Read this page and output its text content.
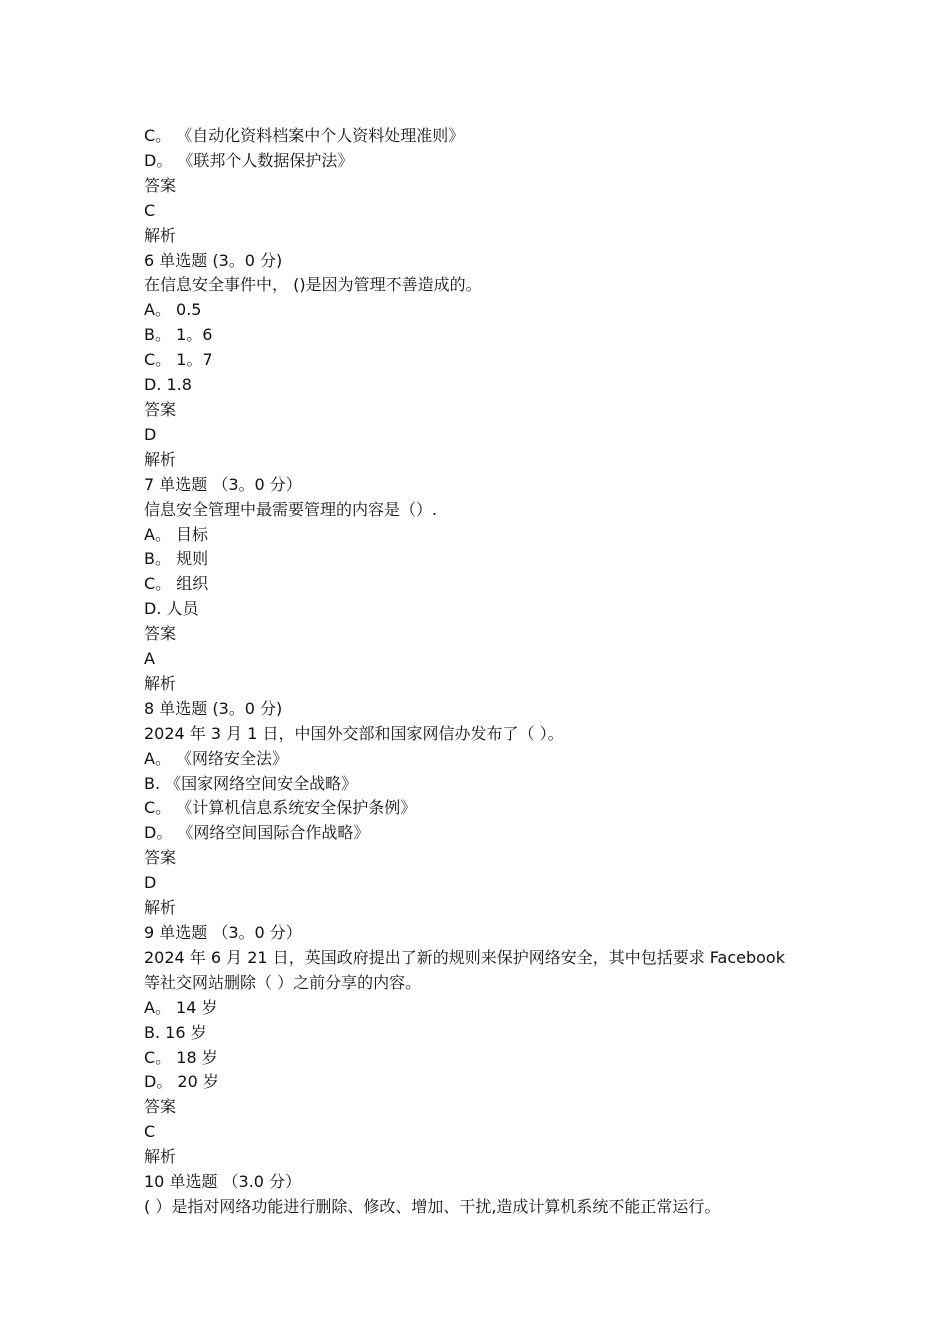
C。 《自动化资料档案中个人资料处理准则》

D。 《联邦个人数据保护法》

答案

C

解析

6 单选题 (3。0 分)

在信息安全事件中， ()是因为管理不善造成的。

A。 0.5

B。 1。6

C。 1。7

D. 1.8

答案

D

解析

7 单选题 （3。0 分）

信息安全管理中最需要管理的内容是（）.

A。 目标

B。 规则

C。 组织

D. 人员

答案

A

解析

8 单选题 (3。0 分)

2024 年 3 月 1 日，中国外交部和国家网信办发布了（ ）。

A。 《网络安全法》

B. 《国家网络空间安全战略》

C。 《计算机信息系统安全保护条例》

D。 《网络空间国际合作战略》

答案

D

解析

9 单选题 （3。0 分）

2024 年 6 月 21 日，英国政府提出了新的规则来保护网络安全，其中包括要求 Facebook

等社交网站删除（ ）之前分享的内容。

A。 14 岁

B. 16 岁

C。 18 岁

D。 20 岁

答案

C

解析

10 单选题 （3.0 分）

( ）是指对网络功能进行删除、修改、增加、干扰,造成计算机系统不能正常运行。
